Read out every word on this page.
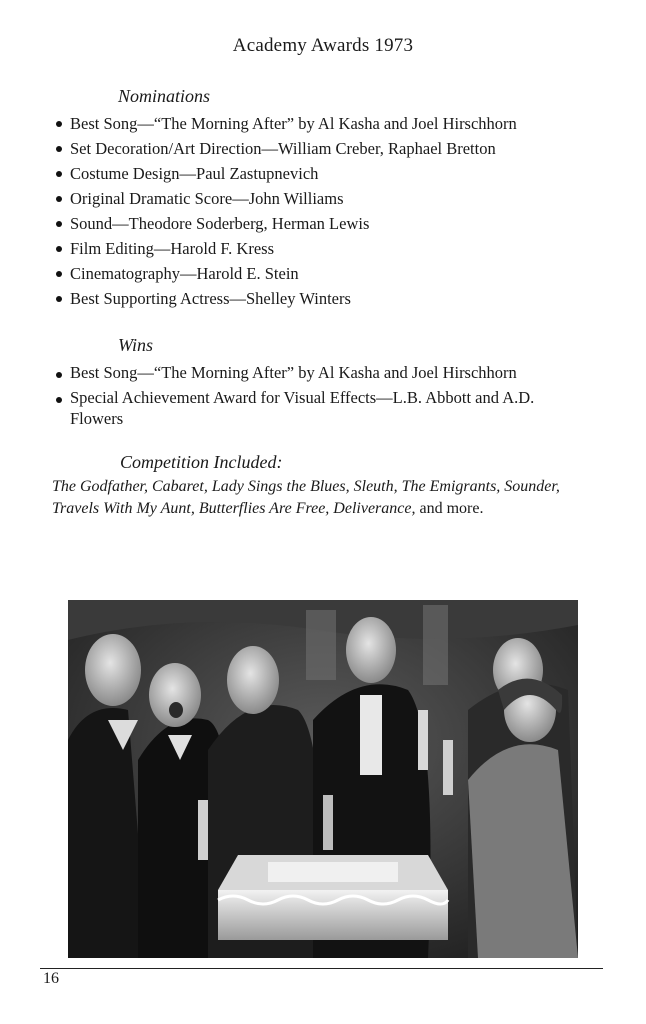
Academy Awards 1973
Nominations
Best Song—“The Morning After” by Al Kasha and Joel Hirschhorn
Set Decoration/Art Direction—William Creber, Raphael Bretton
Costume Design—Paul Zastupnevich
Original Dramatic Score—John Williams
Sound—Theodore Soderberg, Herman Lewis
Film Editing—Harold F. Kress
Cinematography—Harold E. Stein
Best Supporting Actress—Shelley Winters
Wins
Best Song—“The Morning After” by Al Kasha and Joel Hirschhorn
Special Achievement Award for Visual Effects—L.B. Abbott and A.D. Flowers
Competition Included:

The Godfather, Cabaret, Lady Sings the Blues, Sleuth, The Emigrants, Sounder, Travels With My Aunt, Butterflies Are Free, Deliverance, and more.

16
